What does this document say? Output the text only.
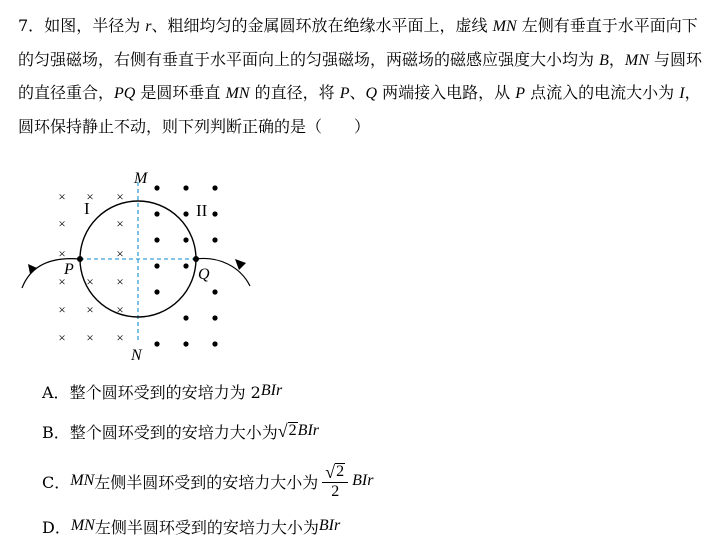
7．如图，半径为 r、粗细均匀的金属圆环放在绝缘水平面上，虚线 MN 左侧有垂直于水平面向下的匀强磁场，右侧有垂直于水平面向上的匀强磁场，两磁场的磁感应强度大小均为 B，MN 与圆环的直径重合，PQ 是圆环垂直 MN 的直径，将 P、Q 两端接入电路，从 P 点流入的电流大小为 I，圆环保持静止不动，则下列判断正确的是（　　）

× × ×
×	×
×	×
× × ×
× × ×
× × ×
M
N
P	Q
I	II
A． 整个圆环受到的安培力为 2 BIr
B． 整个圆环受到的安培力大小为 √ 2 BIr
C． MN 左侧半圆环受到的安培力大小为 $\frac{√ 2}{2}$ BIr
D． MN 左侧半圆环受到的安培力大小为 BIr
